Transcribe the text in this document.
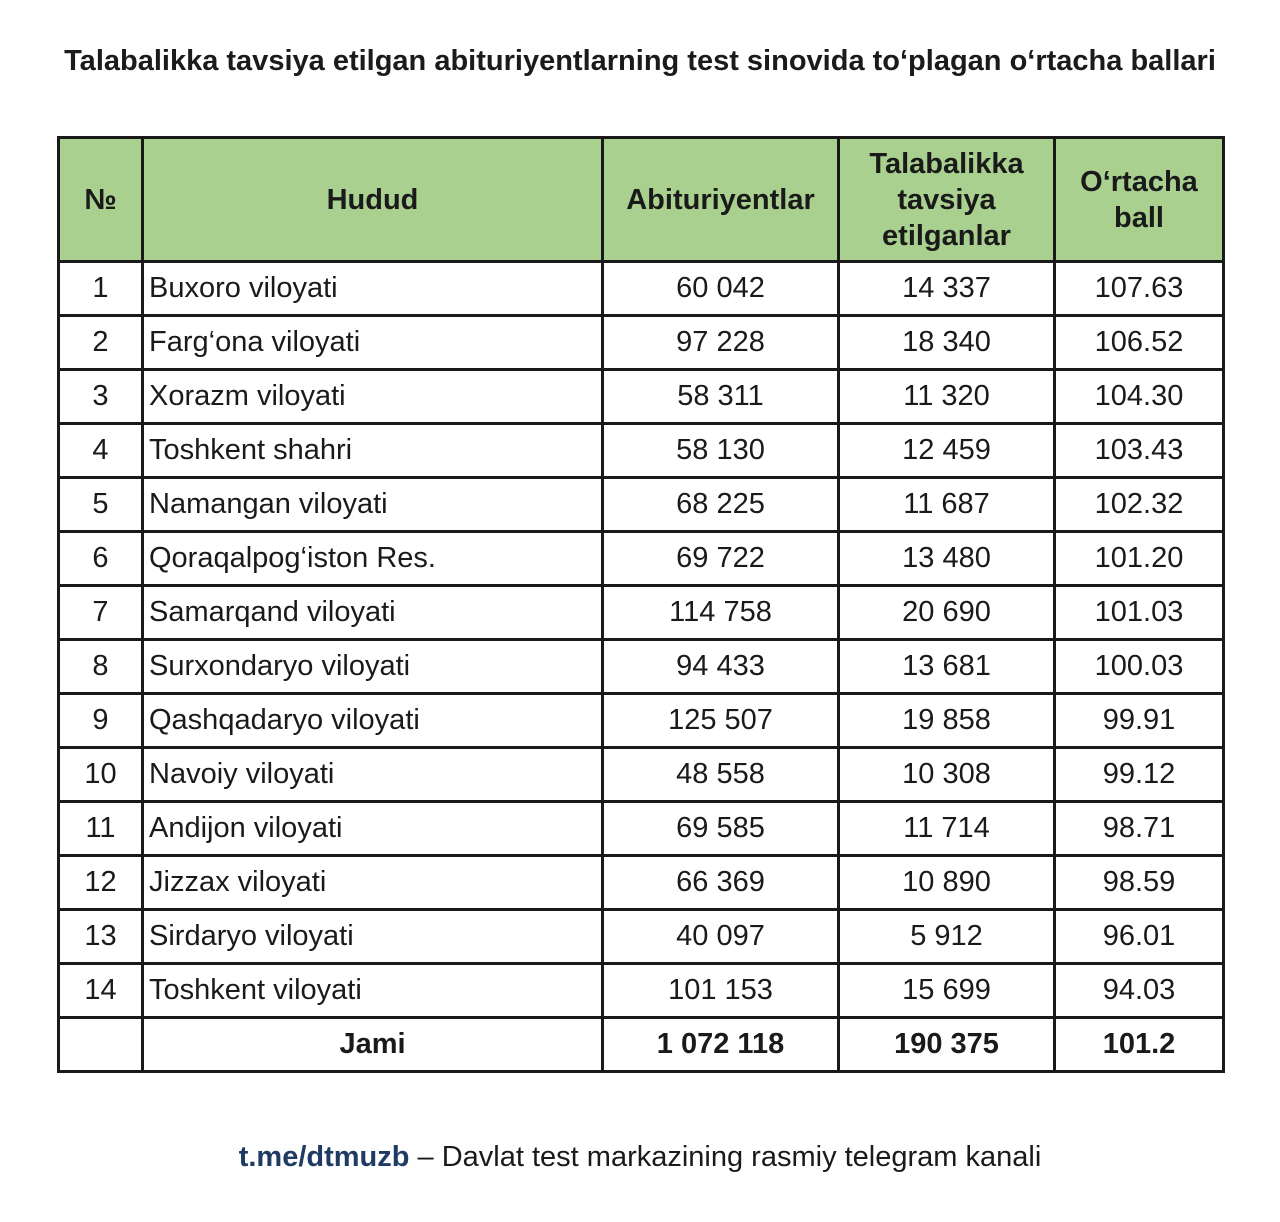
Talabalikka tavsiya etilgan abituriyentlarning test sinovida to‘plagan o‘rtacha ballari
№	Hudud	Abituriyentlar	Talabalikka tavsiya etilganlar	O‘rtacha ball

1	Buxoro viloyati	60 042	14 337	107.63
2	Farg‘ona viloyati	97 228	18 340	106.52
3	Xorazm viloyati	58 311	11 320	104.30
4	Toshkent shahri	58 130	12 459	103.43
5	Namangan viloyati	68 225	11 687	102.32
6	Qoraqalpog‘iston Res.	69 722	13 480	101.20
7	Samarqand viloyati	114 758	20 690	101.03
8	Surxondaryo viloyati	94 433	13 681	100.03
9	Qashqadaryo viloyati	125 507	19 858	99.91
10	Navoiy viloyati	48 558	10 308	99.12
11	Andijon viloyati	69 585	11 714	98.71
12	Jizzax viloyati	66 369	10 890	98.59
13	Sirdaryo viloyati	40 097	5 912	96.01
14	Toshkent viloyati	101 153	15 699	94.03
	Jami	1 072 118	190 375	101.2
t.me/dtmuzb – Davlat test markazining rasmiy telegram kanali
